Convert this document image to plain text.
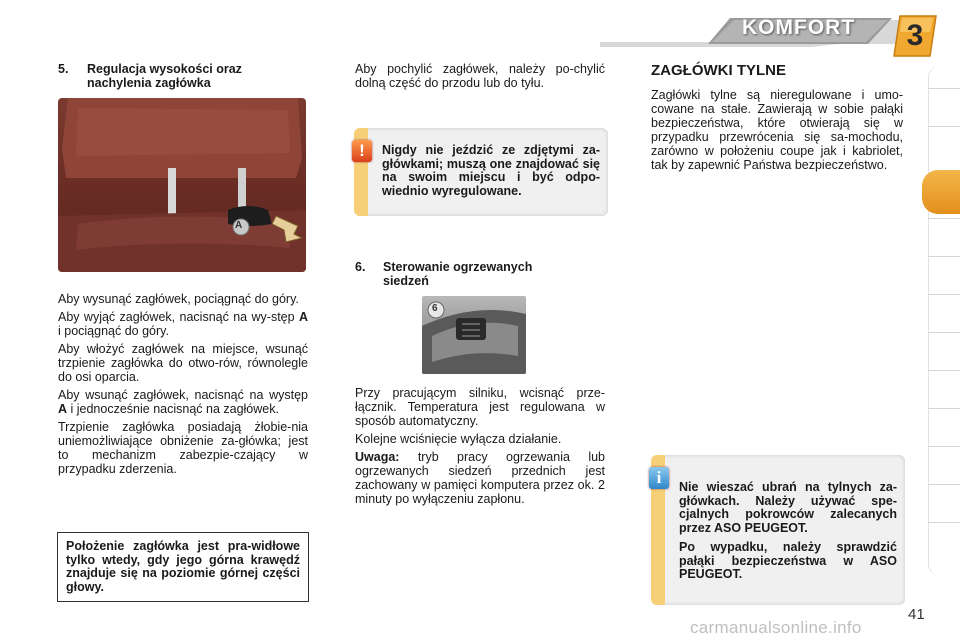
KOMFORT	3
5. Regulacja wysokości oraz
nachylenia zagłówka
A

Aby wysunąć zagłówek, pociągnąć do góry.

Aby wyjąć zagłówek, nacisnąć na wy-stęp A i pociągnąć do góry.

Aby włożyć zagłówek na miejsce, wsunąć trzpienie zagłówka do otwo-rów, równolegle do osi oparcia.

Aby wsunąć zagłówek, nacisnąć na występ A i jednocześnie nacisnąć na zagłówek.

Trzpienie zagłówka posiadają żłobie-nia uniemożliwiające obniżenie za-główka; jest to mechanizm zabezpie-czający w przypadku zderzenia.

Położenie zagłówka jest pra-widłowe tylko wtedy, gdy jego górna krawędź znajduje się na poziomie górnej części głowy.
Aby pochylić zagłówek, należy po-chylić dolną część do przodu lub do tyłu.
!	Nigdy nie jeździć ze zdjętymi za-główkami; muszą one znajdować się na swoim miejscu i być odpo-wiednio wyregulowane.
6. Sterowanie ogrzewanych
siedzeń
6

Przy pracującym silniku, wcisnąć prze-łącznik. Temperatura jest regulowana w sposób automatyczny.

Kolejne wciśnięcie wyłącza działanie.

Uwaga: tryb pracy ogrzewania lub ogrzewanych siedzeń przednich jest zachowany w pamięci komputera przez ok. 2 minuty po wyłączeniu zapłonu.

ZAGŁÓWKI TYLNE
Zagłówki tylne są nieregulowane i umo-cowane na stałe. Zawierają w sobie pałąki bezpieczeństwa, które otwierają się w przypadku przewrócenia się sa-mochodu, zarówno w położeniu coupe jak i kabriolet, tak by zapewnić Państwa bezpieczeństwo.
i	Nie wieszać ubrań na tylnych za-główkach. Należy używać spe-cjalnych pokrowców zalecanych przez ASO PEUGEOT.

Po wypadku, należy sprawdzić pałąki bezpieczeństwa w ASO PEUGEOT.

carmanualsonline.info
41
